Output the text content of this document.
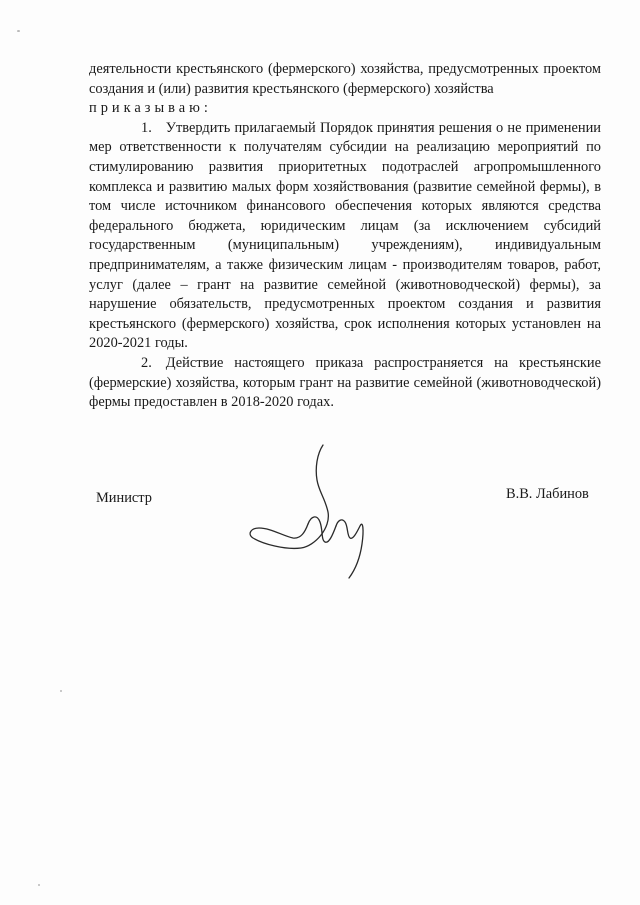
деятельности крестьянского (фермерского) хозяйства, предусмотренных проектом создания и (или) развития крестьянского (фермерского) хозяйства
приказываю:

1. Утвердить прилагаемый Порядок принятия решения о не применении мер ответственности к получателям субсидии на реализацию мероприятий по стимулированию развития приоритетных подотраслей агропромышленного комплекса и развитию малых форм хозяйствования (развитие семейной фермы), в том числе источником финансового обеспечения которых являются средства федерального бюджета, юридическим лицам (за исключением субсидий государственным (муниципальным) учреждениям), индивидуальным предпринимателям, а также физическим лицам - производителям товаров, работ, услуг (далее – грант на развитие семейной (животноводческой) фермы), за нарушение обязательств, предусмотренных проектом создания и развития крестьянского (фермерского) хозяйства, срок исполнения которых установлен на 2020-2021 годы.

2. Действие настоящего приказа распространяется на крестьянские (фермерские) хозяйства, которым грант на развитие семейной (животноводческой) фермы предоставлен в 2018-2020 годах.

Министр	В.В. Лабинов
